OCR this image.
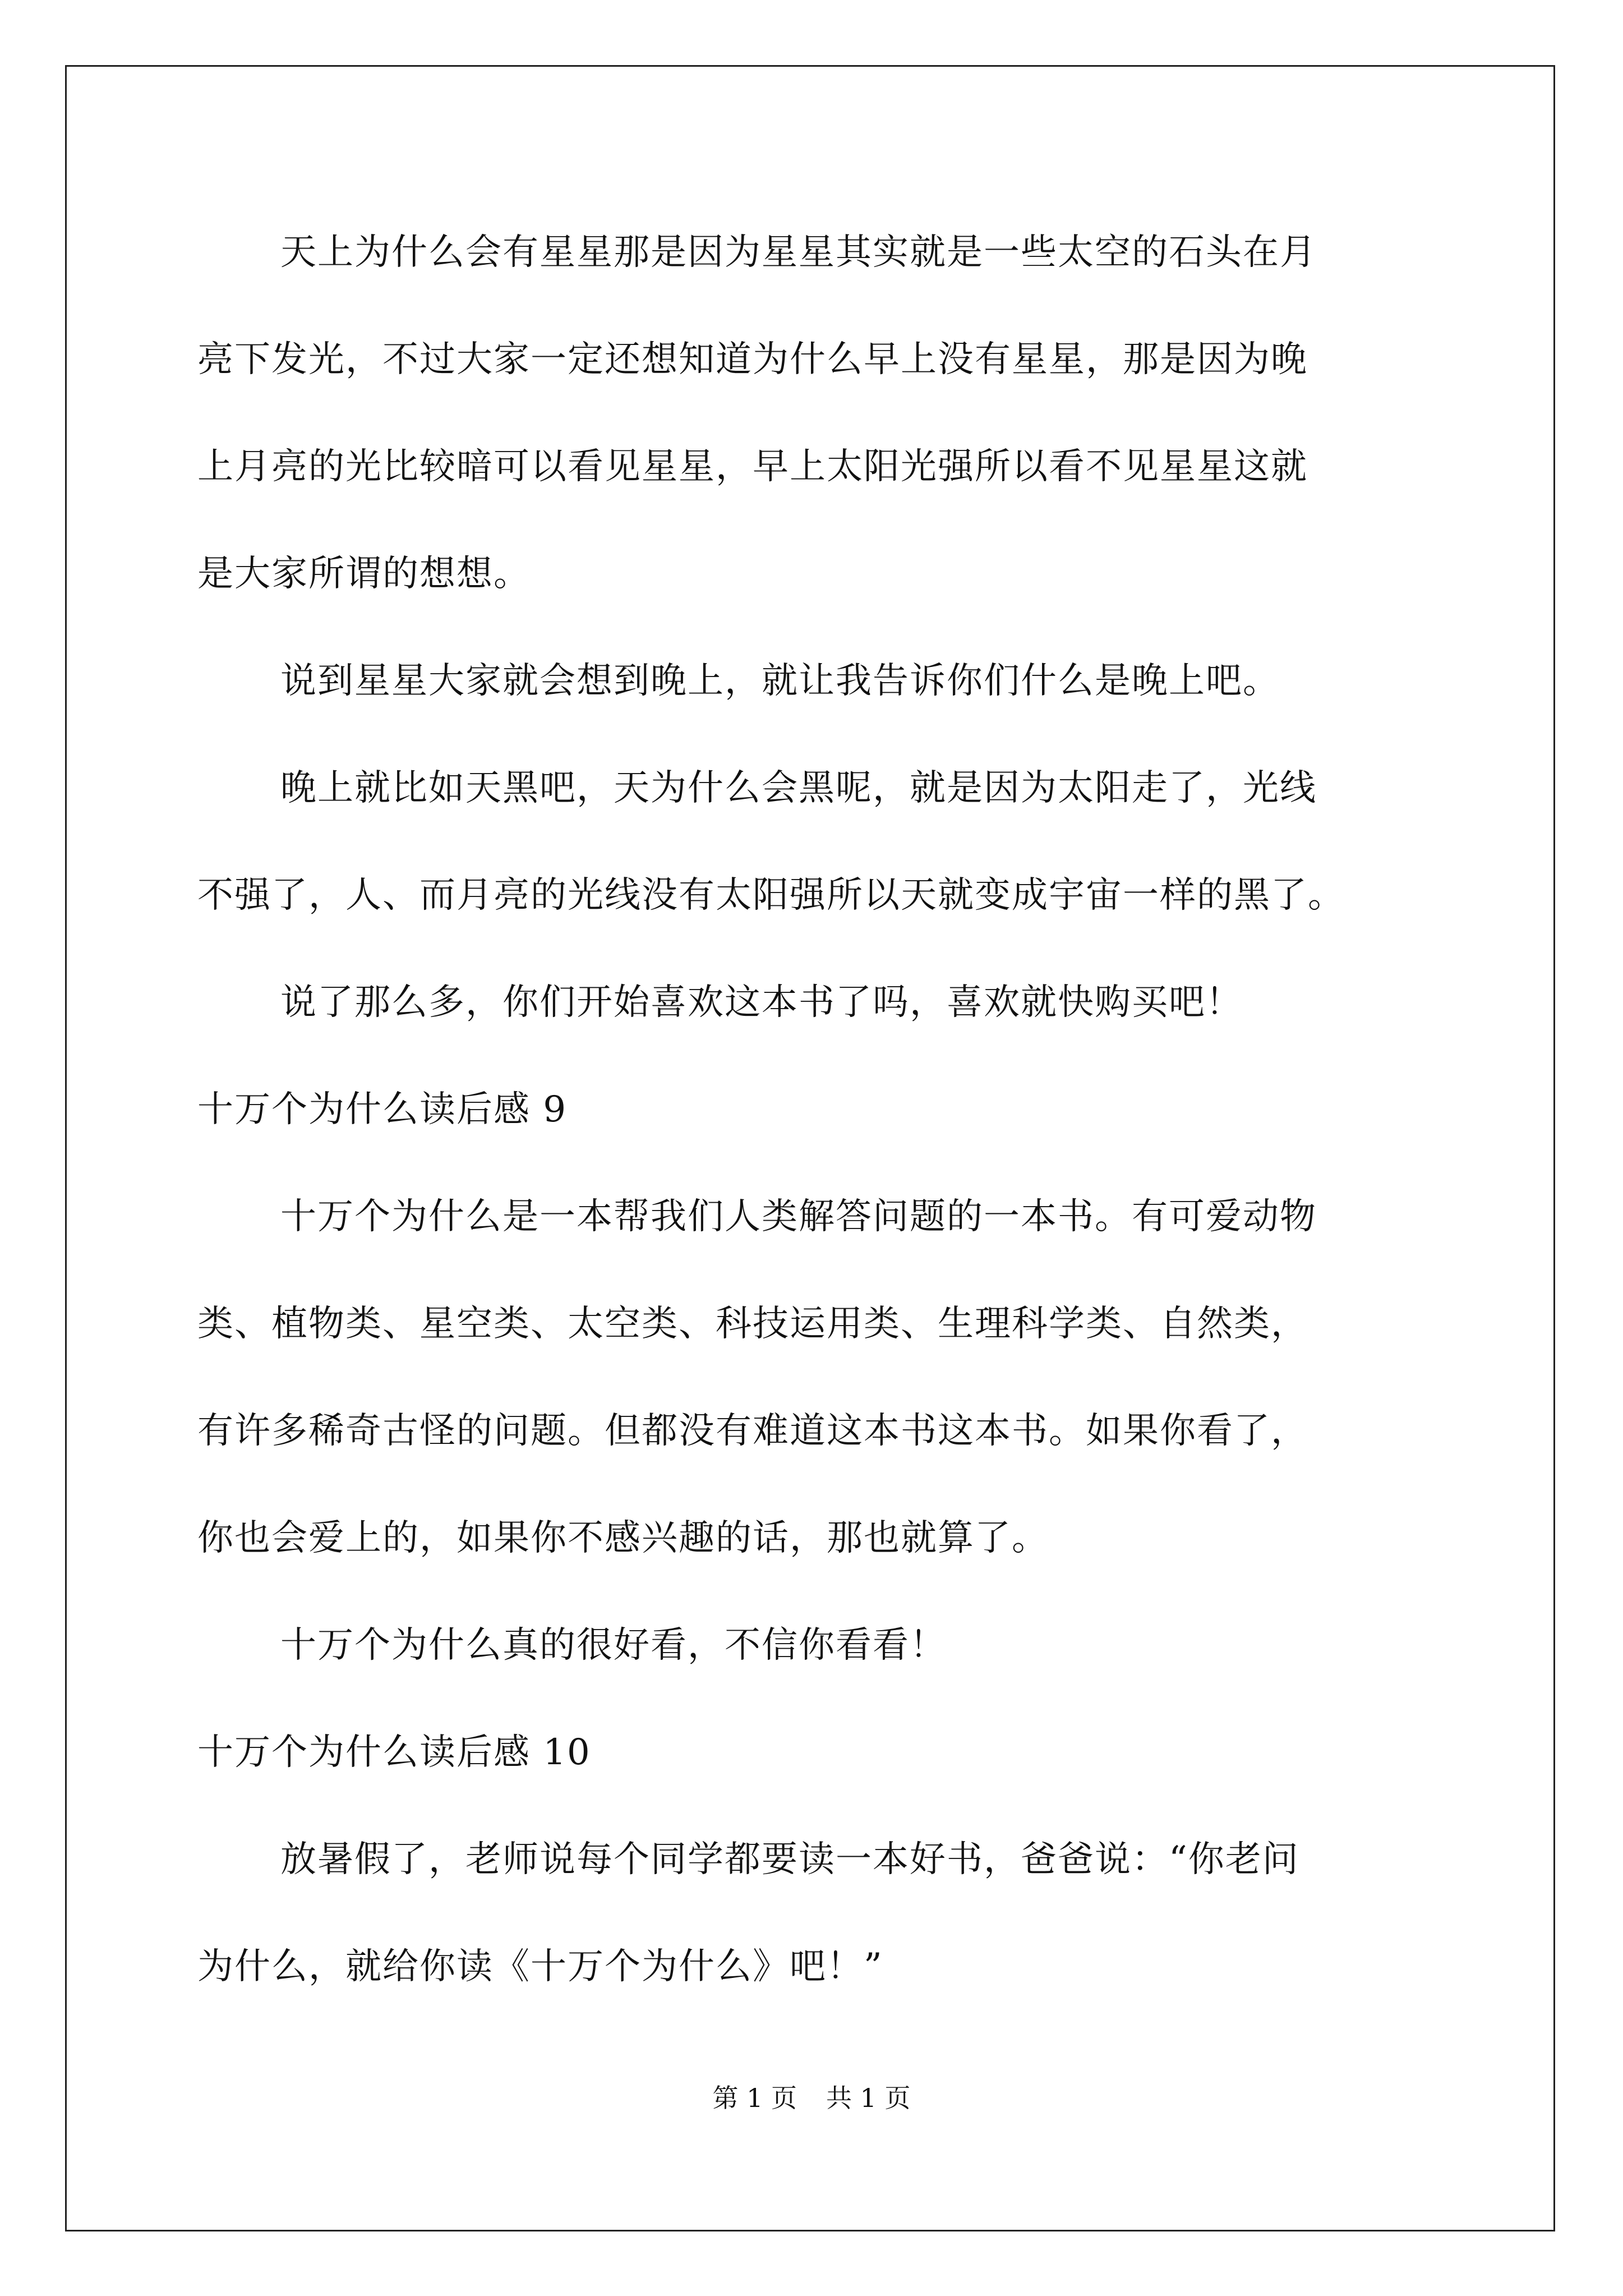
天上为什么会有星星那是因为星星其实就是一些太空的石头在月
亮下发光，不过大家一定还想知道为什么早上没有星星，那是因为晚
上月亮的光比较暗可以看见星星，早上太阳光强所以看不见星星这就
是大家所谓的想想。
说到星星大家就会想到晚上，就让我告诉你们什么是晚上吧。
晚上就比如天黑吧，天为什么会黑呢，就是因为太阳走了，光线
不强了，人、而月亮的光线没有太阳强所以天就变成宇宙一样的黑了。
说了那么多，你们开始喜欢这本书了吗，喜欢就快购买吧！
十万个为什么读后感 9
十万个为什么是一本帮我们人类解答问题的一本书。有可爱动物
类、植物类、星空类、太空类、科技运用类、生理科学类、自然类，
有许多稀奇古怪的问题。但都没有难道这本书这本书。如果你看了，
你也会爱上的，如果你不感兴趣的话，那也就算了。
十万个为什么真的很好看，不信你看看！
十万个为什么读后感 10
放暑假了，老师说每个同学都要读一本好书，爸爸说：“你老问
为什么，就给你读《十万个为什么》吧！”
第 1 页 共 1 页
